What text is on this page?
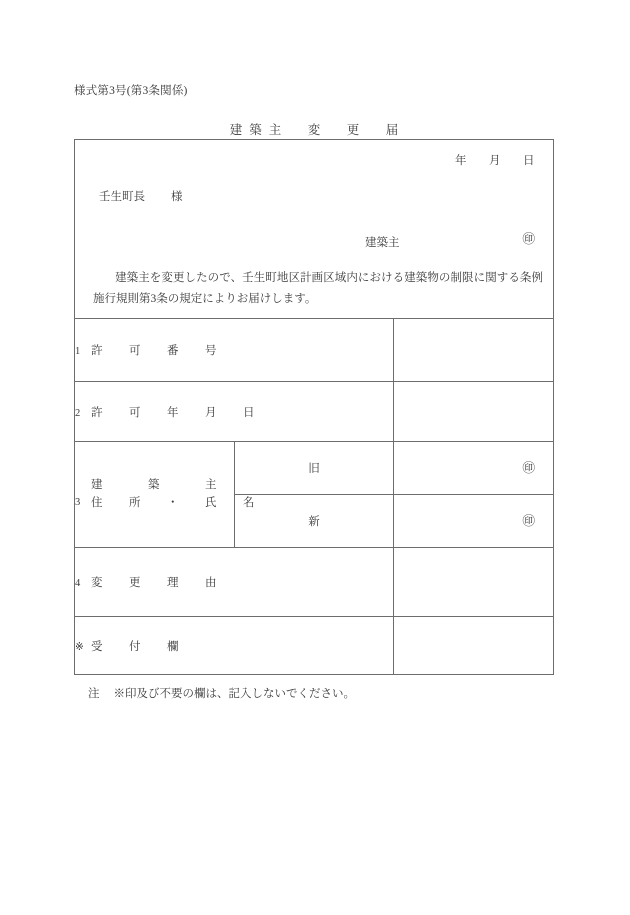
様式第3号(第3条関係)
建築主　変　更　届
年 月 日
壬生町長 様
建築主 ㊞
建築主を変更したので、壬生町地区計画区域内における建築物の制限に関する条例施行規則第3条の規定によりお届けします。		

1 許　可　番　号		
2 許　可　年　月　日		

3
建　　築　　主
住　所　・　氏　名	旧	㊞

	新	㊞

4 変　更　理　由		
※ 受　付　欄		
注 ※印及び不要の欄は、記入しないでください。
